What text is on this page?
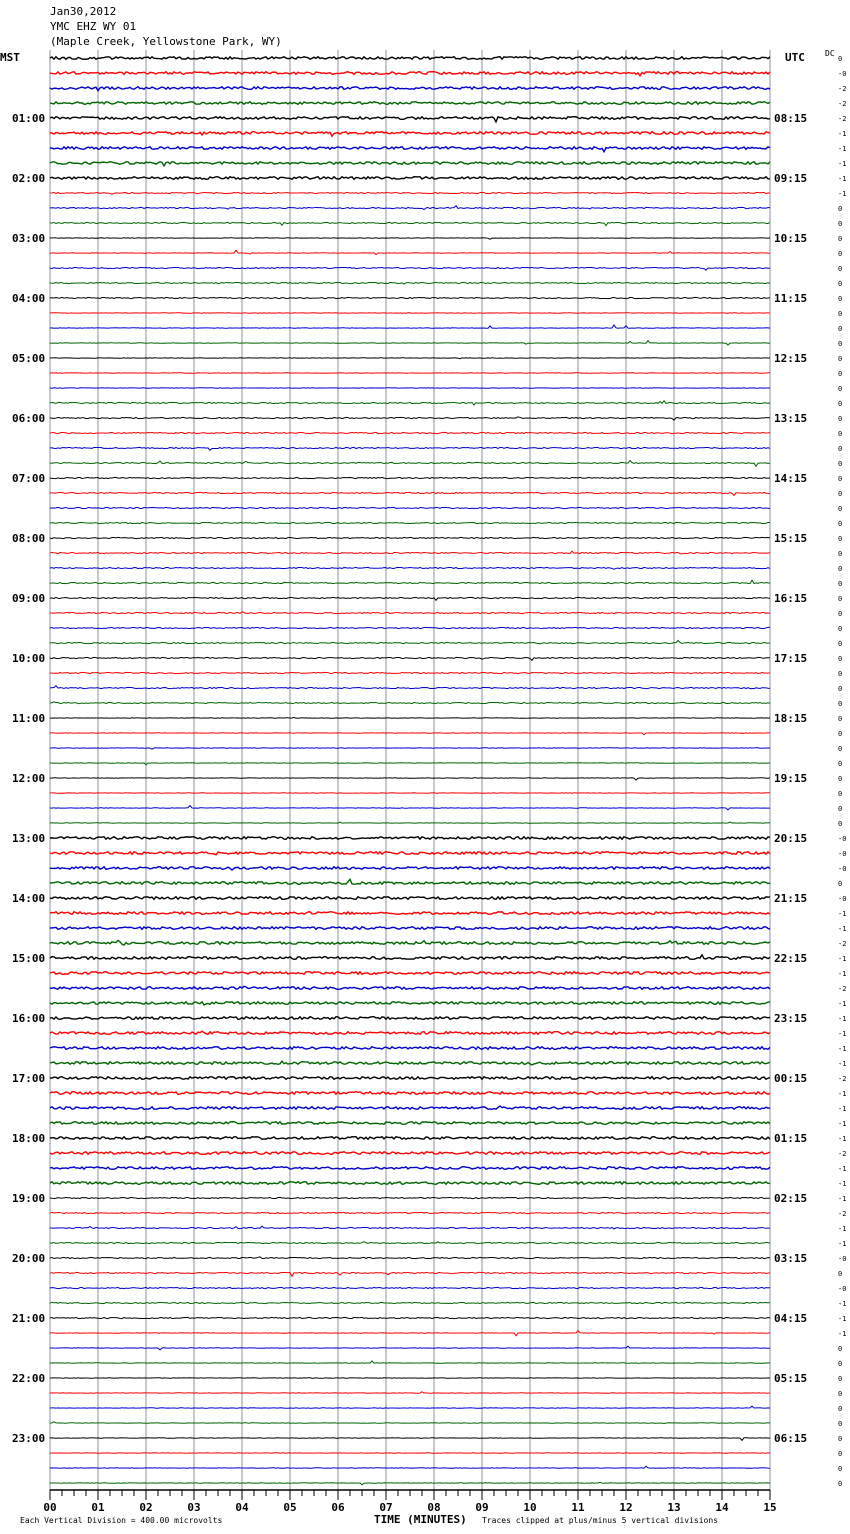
Jan30,2012
YMC EHZ WY 01
(Maple Creek, Yellowstone Park, WY)
MST	UTC	DC
0
-0
-2
-2
-2
-1
-1
-1
-1
-1
0
0
0
0
0
0
0
0
0
0
0
0
0
0
0
0
0
0
0
0
0
0
0
0
0
0
0
0
0
0
0
0
0
0
0
0
0
0
0
0
0
0
-0
-0
-0
0
-0
-1
-1
-2
-1
-1
-2
-1
-1
-1
-1
-1
-2
-1
-1
-1
-1
-2
-1
-1
-1
-2
-1
-1
-0
0
-0
-1
-1
-1
0
0
0
0
0
0
0
0
0
0
01:00	08:15
02:00	09:15
03:00	10:15
04:00	11:15
05:00	12:15
06:00	13:15
07:00	14:15
08:00	15:15
09:00	16:15
10:00	17:15
11:00	18:15
12:00	19:15
13:00	20:15
14:00	21:15
15:00	22:15
16:00	23:15
17:00	00:15
18:00	01:15
19:00	02:15
20:00	03:15
21:00	04:15
22:00	05:15
23:00	06:15
00	01	02	03	04	05	06	07	08	09	10	11	12	13	14	15
Each Vertical Division = 400.00 microvolts	TIME (MINUTES) Traces clipped at plus/minus 5 vertical divisions
